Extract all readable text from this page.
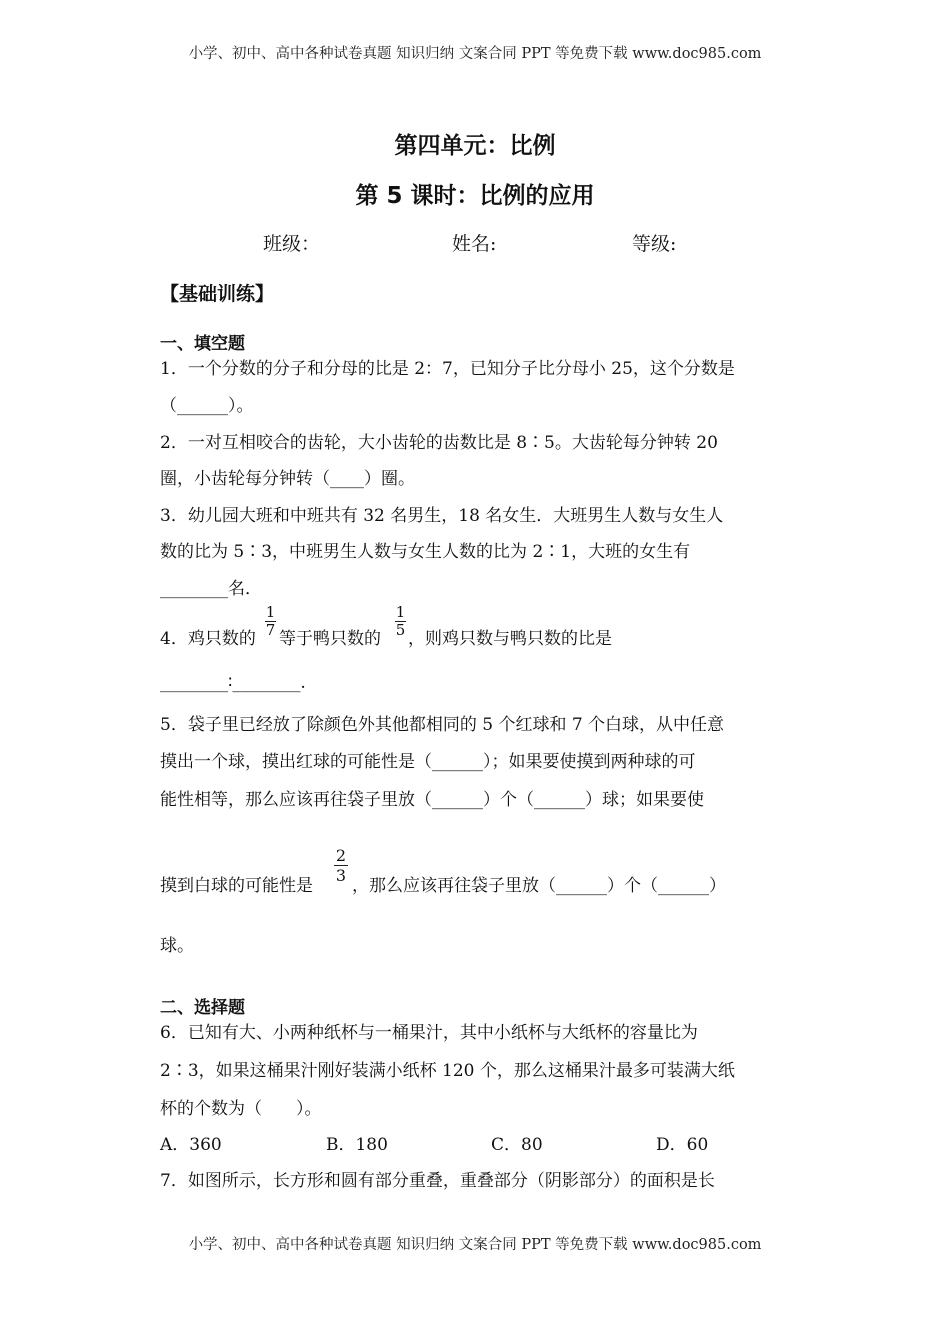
小学、初中、高中各种试卷真题 知识归纳 文案合同 PPT 等免费下载 www.doc985.com
第四单元：比例
第 5 课时：比例的应用
班级：	姓名:	等级:
【基础训练】
一、填空题
1．一个分数的分子和分母的比是 2：7，已知分子比分母小 25，这个分数是
（______）。
2．一对互相咬合的齿轮，大小齿轮的齿数比是 8∶5。大齿轮每分钟转 20
圈，小齿轮每分钟转（____）圈。
3．幼儿园大班和中班共有 32 名男生，18 名女生．大班男生人数与女生人
数的比为 5∶3，中班男生人数与女生人数的比为 2∶1，大班的女生有
________名．
4．鸡只数的
1
7 等于鸭只数的
1
5 ，则鸡只数与鸭只数的比是
________∶________.
5．袋子里已经放了除颜色外其他都相同的 5 个红球和 7 个白球，从中任意
摸出一个球，摸出红球的可能性是（______）；如果要使摸到两种球的可
能性相等，那么应该再往袋子里放（______）个（______）球；如果要使
摸到白球的可能性是
2
3
，那么应该再往袋子里放（______）个（______）
球。
二、选择题
6．已知有大、小两种纸杯与一桶果汁，其中小纸杯与大纸杯的容量比为
2∶3，如果这桶果汁刚好装满小纸杯 120 个，那么这桶果汁最多可装满大纸
杯的个数为（　　）。
A．360	B．180	C．80	D．60
7．如图所示，长方形和圆有部分重叠，重叠部分（阴影部分）的面积是长
小学、初中、高中各种试卷真题 知识归纳 文案合同 PPT 等免费下载 www.doc985.com
